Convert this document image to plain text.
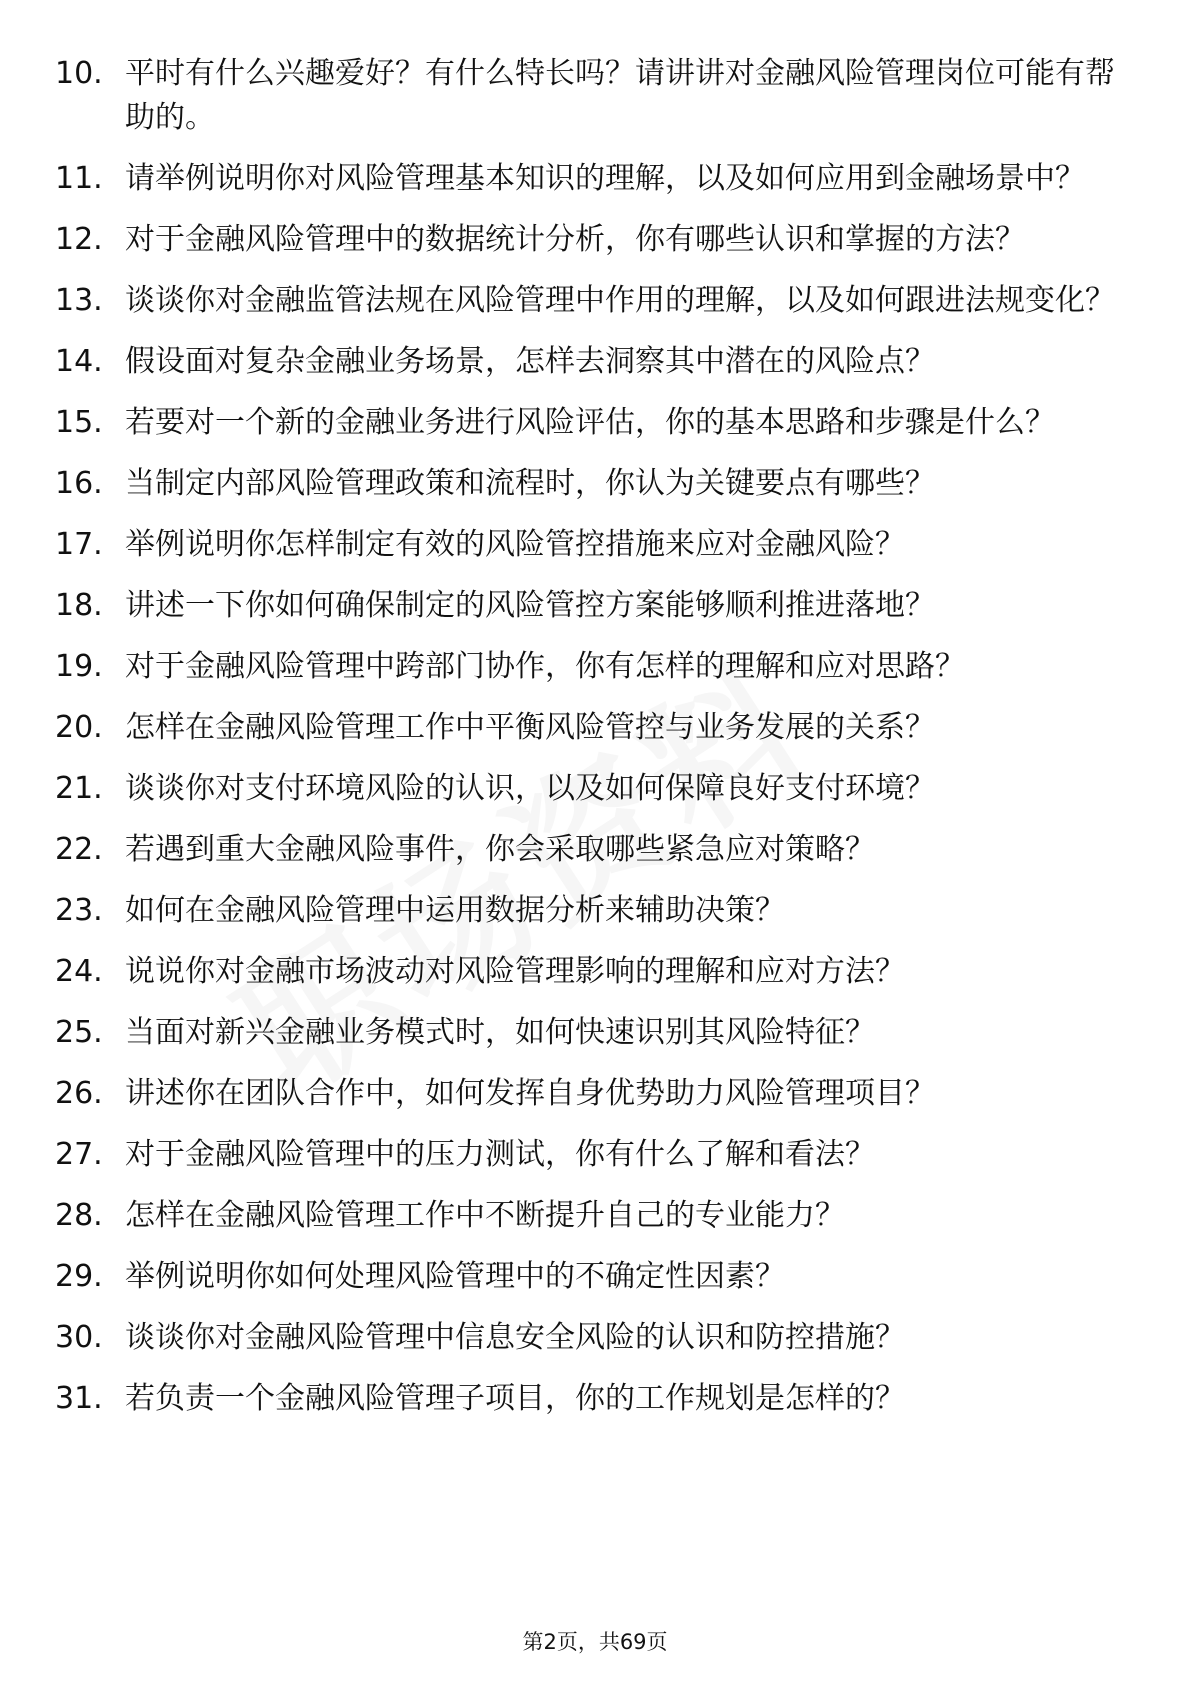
10. 平时有什么兴趣爱好？有什么特长吗？请讲讲对金融风险管理岗位可能有帮助的。
11. 请举例说明你对风险管理基本知识的理解，以及如何应用到金融场景中？
12. 对于金融风险管理中的数据统计分析，你有哪些认识和掌握的方法？
13. 谈谈你对金融监管法规在风险管理中作用的理解，以及如何跟进法规变化？
14. 假设面对复杂金融业务场景，怎样去洞察其中潜在的风险点？
15. 若要对一个新的金融业务进行风险评估，你的基本思路和步骤是什么？
16. 当制定内部风险管理政策和流程时，你认为关键要点有哪些？
17. 举例说明你怎样制定有效的风险管控措施来应对金融风险？
18. 讲述一下你如何确保制定的风险管控方案能够顺利推进落地？
19. 对于金融风险管理中跨部门协作，你有怎样的理解和应对思路？
20. 怎样在金融风险管理工作中平衡风险管控与业务发展的关系？
21. 谈谈你对支付环境风险的认识，以及如何保障良好支付环境？
22. 若遇到重大金融风险事件，你会采取哪些紧急应对策略？
23. 如何在金融风险管理中运用数据分析来辅助决策？
24. 说说你对金融市场波动对风险管理影响的理解和应对方法？
25. 当面对新兴金融业务模式时，如何快速识别其风险特征？
26. 讲述你在团队合作中，如何发挥自身优势助力风险管理项目？
27. 对于金融风险管理中的压力测试，你有什么了解和看法？
28. 怎样在金融风险管理工作中不断提升自己的专业能力？
29. 举例说明你如何处理风险管理中的不确定性因素？
30. 谈谈你对金融风险管理中信息安全风险的认识和防控措施？
31. 若负责一个金融风险管理子项目，你的工作规划是怎样的？
第2页，共69页
